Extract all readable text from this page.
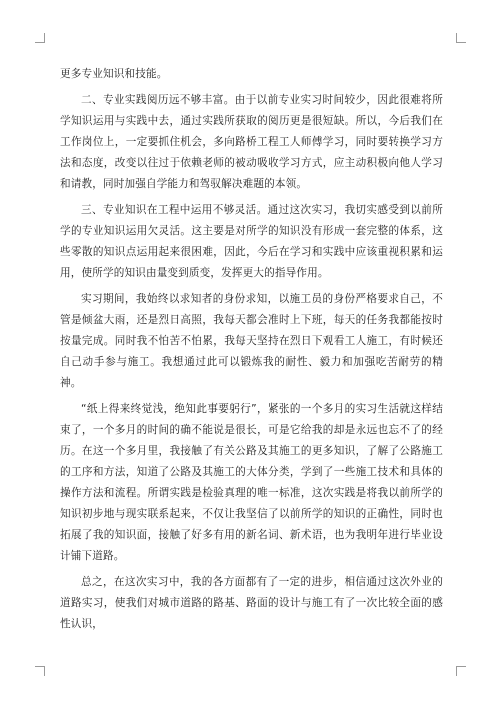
更多专业知识和技能。

二、专业实践阅历远不够丰富。由于以前专业实习时间较少，因此很难将所学知识运用与实践中去，通过实践所获取的阅历更是很短缺。所以，今后我们在工作岗位上，一定要抓住机会，多向路桥工程工人师傅学习，同时要转换学习方法和态度，改变以往过于依赖老师的被动吸收学习方式，应主动积极向他人学习和请教，同时加强自学能力和驾驭解决难题的本领。

三、专业知识在工程中运用不够灵活。通过这次实习，我切实感受到以前所学的专业知识运用欠灵活。这主要是对所学的知识没有形成一套完整的体系，这些零散的知识点运用起来很困难，因此，今后在学习和实践中应该重视积累和运用，使所学的知识由量变到质变，发挥更大的指导作用。

实习期间，我始终以求知者的身份求知，以施工员的身份严格要求自己，不管是倾盆大雨，还是烈日高照，我每天都会准时上下班，每天的任务我都能按时按量完成。同时我不怕苦不怕累，我每天坚持在烈日下观看工人施工，有时候还自己动手参与施工。我想通过此可以锻炼我的耐性、毅力和加强吃苦耐劳的精神。

“纸上得来终觉浅，绝知此事要躬行”，紧张的一个多月的实习生活就这样结束了，一个多月的时间的确不能说是很长，可是它给我的却是永远也忘不了的经历。在这一个多月里，我接触了有关公路及其施工的更多知识，了解了公路施工的工序和方法，知道了公路及其施工的大体分类，学到了一些施工技术和具体的操作方法和流程。所谓实践是检验真理的唯一标准，这次实践是将我以前所学的知识初步地与现实联系起来，不仅让我坚信了以前所学的知识的正确性，同时也拓展了我的知识面，接触了好多有用的新名词、新术语，也为我明年进行毕业设计铺下道路。

总之，在这次实习中，我的各方面都有了一定的进步，相信通过这次外业的道路实习，使我们对城市道路的路基、路面的设计与施工有了一次比较全面的感性认识，
